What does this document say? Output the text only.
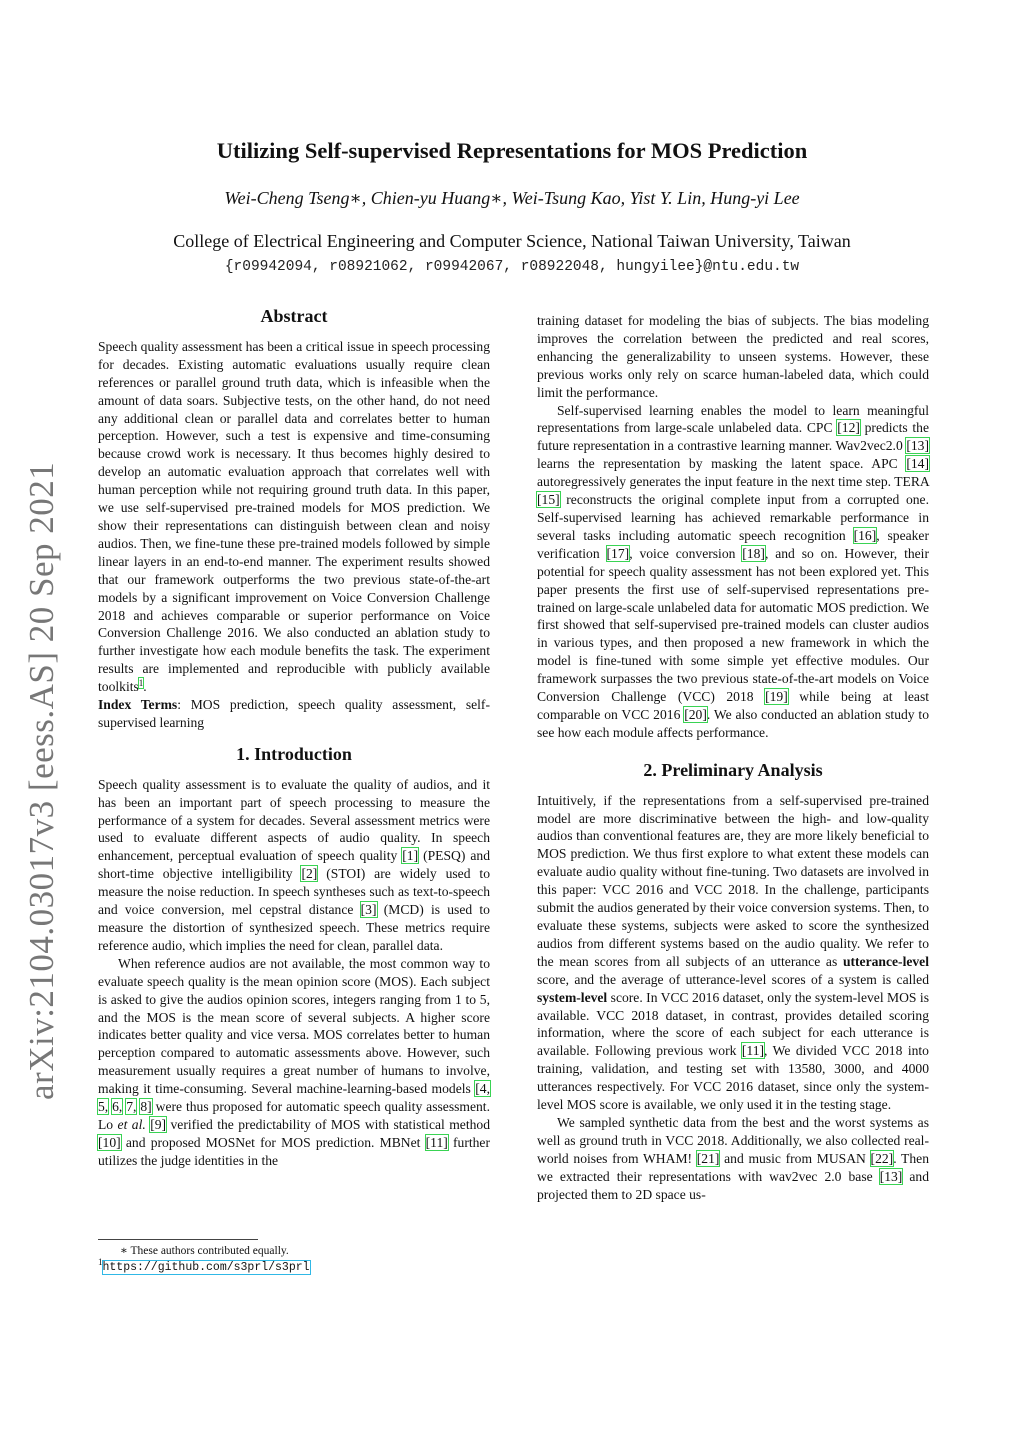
arXiv:2104.03017v3 [eess.AS] 20 Sep 2021
Utilizing Self-supervised Representations for MOS Prediction
Wei-Cheng Tseng∗, Chien-yu Huang∗, Wei-Tsung Kao, Yist Y. Lin, Hung-yi Lee
College of Electrical Engineering and Computer Science, National Taiwan University, Taiwan
{r09942094, r08921062, r09942067, r08922048, hungyilee}@ntu.edu.tw
Abstract

Speech quality assessment has been a critical issue in speech processing for decades. Existing automatic evaluations usually require clean references or parallel ground truth data, which is infeasible when the amount of data soars. Subjective tests, on the other hand, do not need any additional clean or parallel data and correlates better to human perception. However, such a test is expensive and time-consuming because crowd work is necessary. It thus becomes highly desired to develop an automatic evaluation approach that correlates well with human perception while not requiring ground truth data. In this paper, we use self-supervised pre-trained models for MOS prediction. We show their representations can distinguish between clean and noisy audios. Then, we fine-tune these pre-trained models followed by simple linear layers in an end-to-end manner. The experiment results showed that our framework outperforms the two previous state-of-the-art models by a significant improvement on Voice Conversion Challenge 2018 and achieves comparable or superior performance on Voice Conversion Challenge 2016. We also conducted an ablation study to further investigate how each module benefits the task. The experiment results are implemented and reproducible with publicly available toolkits$^1$.

Index Terms: MOS prediction, speech quality assessment, self-supervised learning

1. Introduction

Speech quality assessment is to evaluate the quality of audios, and it has been an important part of speech processing to measure the performance of a system for decades. Several assessment metrics were used to evaluate different aspects of audio quality. In speech enhancement, perceptual evaluation of speech quality [1] (PESQ) and short-time objective intelligibility [2] (STOI) are widely used to measure the noise reduction. In speech syntheses such as text-to-speech and voice conversion, mel cepstral distance [3] (MCD) is used to measure the distortion of synthesized speech. These metrics require reference audio, which implies the need for clean, parallel data.

When reference audios are not available, the most common way to evaluate speech quality is the mean opinion score (MOS). Each subject is asked to give the audios opinion scores, integers ranging from 1 to 5, and the MOS is the mean score of several subjects. A higher score indicates better quality and vice versa. MOS correlates better to human perception compared to automatic assessments above. However, such measurement usually requires a great number of humans to involve, making it time-consuming. Several machine-learning-based models [4, 5, 6, 7, 8] were thus proposed for automatic speech quality assessment. Lo et al. [9] verified the predictability of MOS with statistical method [10] and proposed MOSNet for MOS prediction. MBNet [11] further utilizes the judge identities in the

training dataset for modeling the bias of subjects. The bias modeling improves the correlation between the predicted and real scores, enhancing the generalizability to unseen systems. However, these previous works only rely on scarce human-labeled data, which could limit the performance.

Self-supervised learning enables the model to learn meaningful representations from large-scale unlabeled data. CPC [12] predicts the future representation in a contrastive learning manner. Wav2vec2.0 [13] learns the representation by masking the latent space. APC [14] autoregressively generates the input feature in the next time step. TERA [15] reconstructs the original complete input from a corrupted one. Self-supervised learning has achieved remarkable performance in several tasks including automatic speech recognition [16], speaker verification [17], voice conversion [18], and so on. However, their potential for speech quality assessment has not been explored yet. This paper presents the first use of self-supervised representations pre-trained on large-scale unlabeled data for automatic MOS prediction. We first showed that self-supervised pre-trained models can cluster audios in various types, and then proposed a new framework in which the model is fine-tuned with some simple yet effective modules. Our framework surpasses the two previous state-of-the-art models on Voice Conversion Challenge (VCC) 2018 [19] while being at least comparable on VCC 2016 [20]. We also conducted an ablation study to see how each module affects performance.

2. Preliminary Analysis

Intuitively, if the representations from a self-supervised pre-trained model are more discriminative between the high- and low-quality audios than conventional features are, they are more likely beneficial to MOS prediction. We thus first explore to what extent these models can evaluate audio quality without fine-tuning. Two datasets are involved in this paper: VCC 2016 and VCC 2018. In the challenge, participants submit the audios generated by their voice conversion systems. Then, to evaluate these systems, subjects were asked to score the synthesized audios from different systems based on the audio quality. We refer to the mean scores from all subjects of an utterance as utterance-level score, and the average of utterance-level scores of a system is called system-level score. In VCC 2016 dataset, only the system-level MOS is available. VCC 2018 dataset, in contrast, provides detailed scoring information, where the score of each subject for each utterance is available. Following previous work [11], We divided VCC 2018 into training, validation, and testing set with 13580, 3000, and 4000 utterances respectively. For VCC 2016 dataset, since only the system-level MOS score is available, we only used it in the testing stage.

We sampled synthetic data from the best and the worst systems as well as ground truth in VCC 2018. Additionally, we also collected real-world noises from WHAM! [21] and music from MUSAN [22]. Then we extracted their representations with wav2vec 2.0 base [13] and projected them to 2D space us-

∗ These authors contributed equally.
$^1$https://github.com/s3prl/s3prl
